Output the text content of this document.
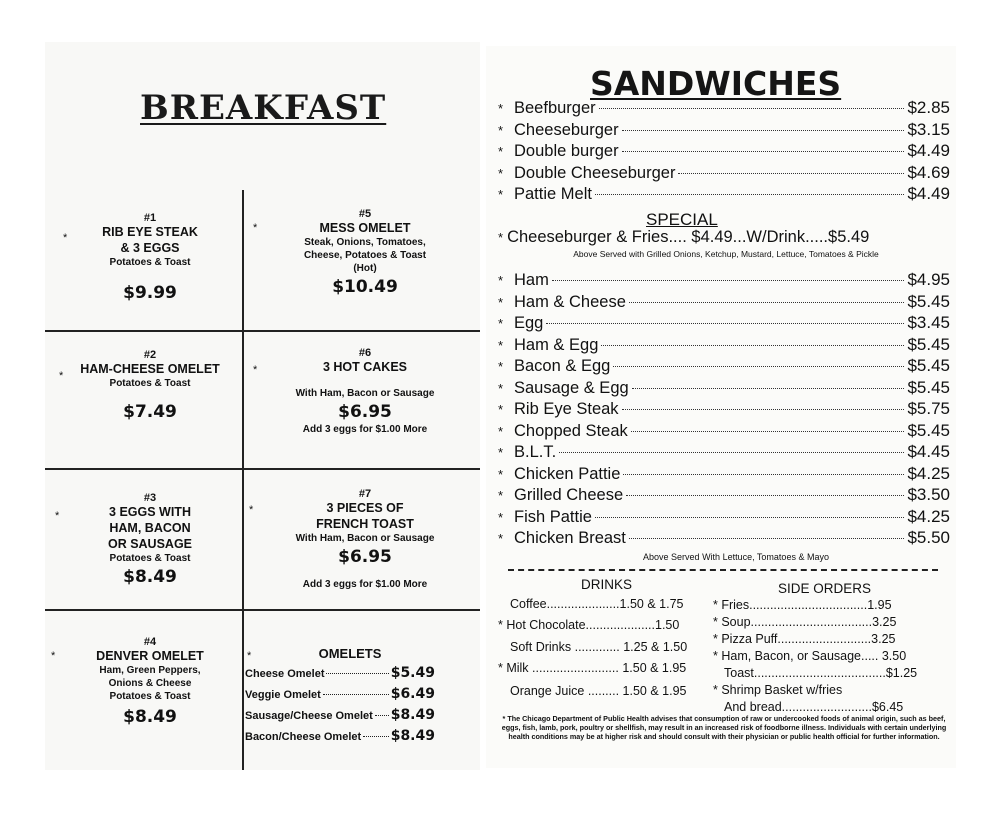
BREAKFAST
*
#1
RIB EYE STEAK
& 3 EGGS
Potatoes & Toast
$9.99
*
#5
MESS OMELET
Steak, Onions, Tomatoes,
Cheese, Potatoes & Toast
(Hot)
$10.49
*
#2
HAM-CHEESE OMELET
Potatoes & Toast
$7.49
*
#6
3 HOT CAKES
With Ham, Bacon or Sausage
$6.95
Add 3 eggs for $1.00 More
*
#3
3 EGGS WITH
HAM, BACON
OR SAUSAGE
Potatoes & Toast
$8.49
*
#7
3 PIECES OF
FRENCH TOAST
With Ham, Bacon or Sausage
$6.95
Add 3 eggs for $1.00 More
*
#4
DENVER OMELET
Ham, Green Peppers,
Onions & Cheese
Potatoes & Toast
$8.49
*	OMELETS
Cheese Omelet	$5.49
Veggie Omelet	$6.49
Sausage/Cheese Omelet $8.49
Bacon/Cheese Omelet $8.49
SANDWICHES
* Beefburger	$2.85
* Cheeseburger	$3.15
* Double burger	$4.49
* Double Cheeseburger	$4.69
* Pattie Melt	$4.49
SPECIAL
* Cheeseburger & Fries.... $4.49...W/Drink.....$5.49
Above Served with Grilled Onions, Ketchup, Mustard, Lettuce, Tomatoes & Pickle
* Ham	$4.95
* Ham & Cheese	$5.45
* Egg	$3.45
* Ham & Egg	$5.45
* Bacon & Egg	$5.45
* Sausage & Egg	$5.45
* Rib Eye Steak	$5.75
* Chopped Steak	$5.45
* B.L.T.	$4.45
* Chicken Pattie	$4.25
* Grilled Cheese	$3.50
* Fish Pattie	$4.25
* Chicken Breast	$5.50
Above Served With Lettuce, Tomatoes & Mayo
DRINKS	SIDE ORDERS
Coffee.....................1.50 & 1.75
* Hot Chocolate....................1.50
Soft Drinks ............. 1.25 & 1.50
* Milk ......................... 1.50 & 1.95
Orange Juice ......... 1.50 & 1.95
* Fries..................................1.95
* Soup...................................3.25
* Pizza Puff...........................3.25
* Ham, Bacon, or Sausage..... 3.50
Toast......................................$1.25
* Shrimp Basket w/fries
And bread..........................$6.45
* The Chicago Department of Public Health advises that consumption of raw or undercooked foods of animal origin, such as beef, eggs, fish, lamb, pork, poultry or shellfish, may result in an increased risk of foodborne illness. Individuals with certain underlying health conditions may be at higher risk and should consult with their physician or public health official for further information.
